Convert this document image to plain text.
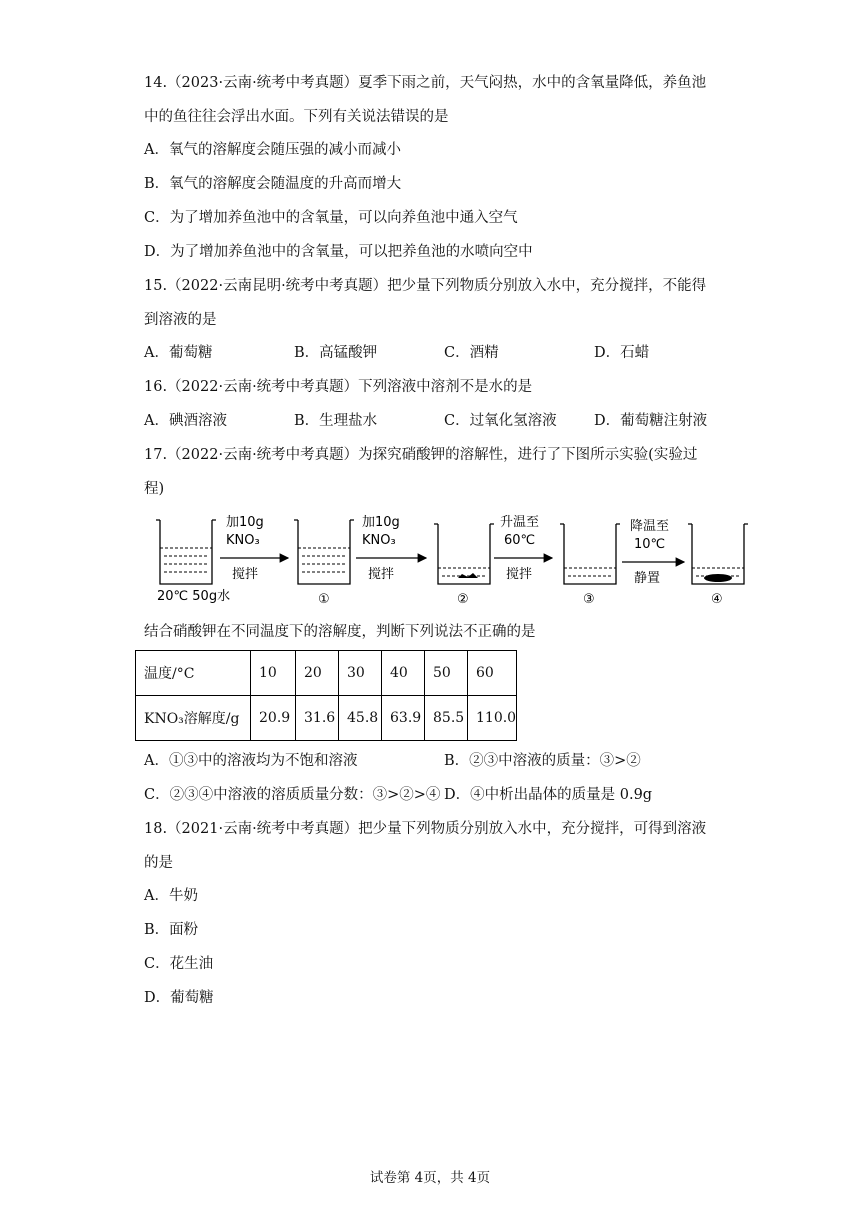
14.（2023·云南·统考中考真题）夏季下雨之前，天气闷热，水中的含氧量降低，养鱼池
中的鱼往往会浮出水面。下列有关说法错误的是
A．氧气的溶解度会随压强的减小而减小
B．氧气的溶解度会随温度的升高而增大
C．为了增加养鱼池中的含氧量，可以向养鱼池中通入空气
D．为了增加养鱼池中的含氧量，可以把养鱼池的水喷向空中
15.（2022·云南昆明·统考中考真题）把少量下列物质分别放入水中，充分搅拌，不能得
到溶液的是
A．葡萄糖	B．高锰酸钾	C．酒精	D．石蜡
16.（2022·云南·统考中考真题）下列溶液中溶剂不是水的是
A．碘酒溶液	B．生理盐水	C．过氧化氢溶液	D．葡萄糖注射液
17.（2022·云南·统考中考真题）为探究硝酸钾的溶解性，进行了下图所示实验(实验过
程)
20℃ 50g水
加10g
KNO₃
搅拌
①
加10g
KNO₃
搅拌
②
升温至
60℃
搅拌
③
降温至
10℃
静置
④
结合硝酸钾在不同温度下的溶解度，判断下列说法不正确的是
温度/°C	10	20	30	40	50	60
KNO₃溶解度/g	20.9	31.6	45.8	63.9	85.5	110.0
A．①③中的溶液均为不饱和溶液	B．②③中溶液的质量：③>②
C．②③④中溶液的溶质质量分数：③>②>④ D．④中析出晶体的质量是 0.9g
18.（2021·云南·统考中考真题）把少量下列物质分别放入水中，充分搅拌，可得到溶液
的是
A．牛奶
B．面粉
C．花生油
D．葡萄糖
试卷第 4页，共 4页
